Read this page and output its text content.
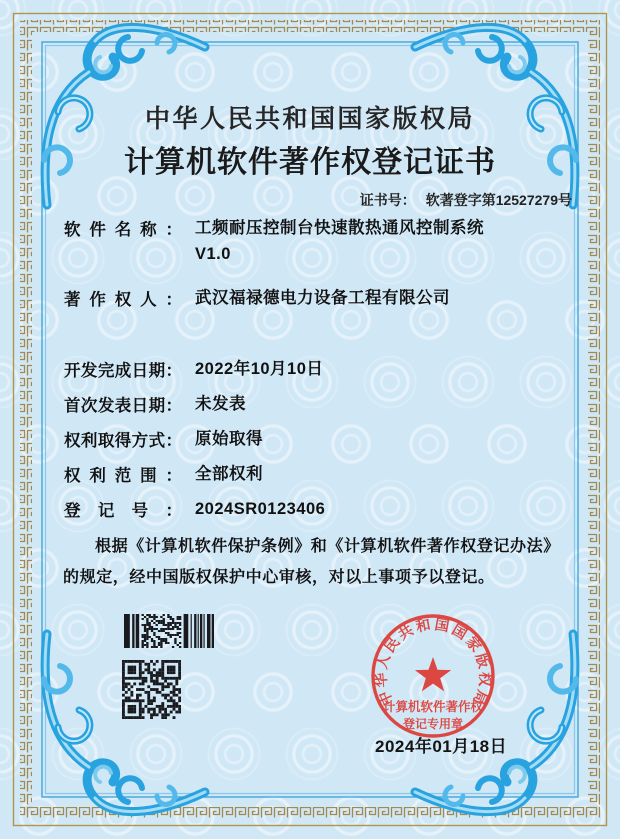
中华人民共和国国家版权局
计算机软件著作权登记证书
证书号： 软著登字第12527279号
软件名称： 工频耐压控制台快速散热通风控制系统
V1.0
著作权人： 武汉福禄德电力设备工程有限公司
开发完成日期： 2022年10月10日
首次发表日期： 未发表
权利取得方式： 原始取得
权利范围： 全部权利
登记号： 2024SR0123406

根据《计算机软件保护条例》和《计算机软件著作权登记办法》的规定，经中国版权保护中心审核，对以上事项予以登记。

中华人民共和国国家版权局
计算机软件著作权
登记专用章
2024年01月18日
